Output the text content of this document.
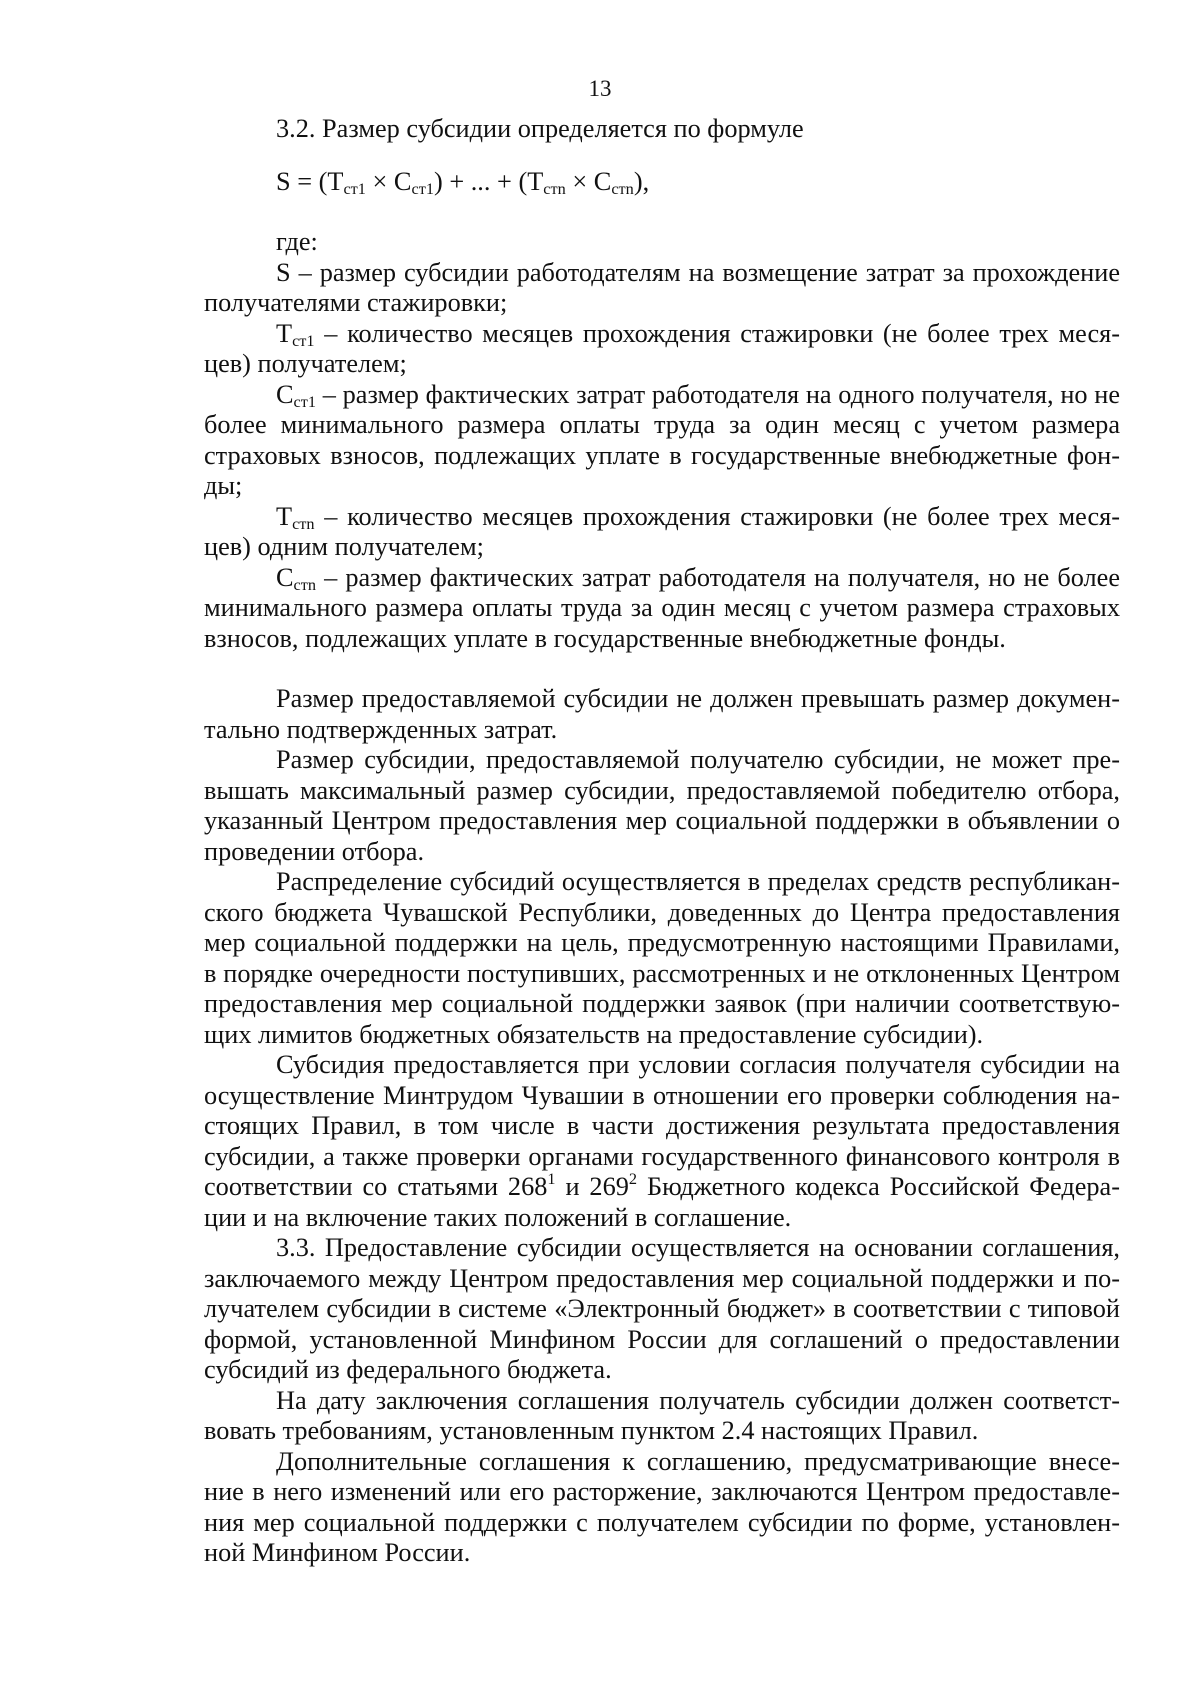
13

3.2. Размер субсидии определяется по формуле

$S = (T_{ст1} \times C_{ст1})$ + ... + $(T_{стn} \times C_{стn})$,

где:

S – размер субсидии работодателям на возмещение затрат за прохождение получателями стажировки;

$T_{ст1}$ – количество месяцев прохождения стажировки (не более трех месяцев) получателем;

$C_{ст1}$ – размер фактических затрат работодателя на одного получателя, но не более минимального размера оплаты труда за один месяц с учетом размера страховых взносов, подлежащих уплате в государственные внебюджетные фонды;

$T_{стn}$ – количество месяцев прохождения стажировки (не более трех месяцев) одним получателем;

$C_{стn}$ – размер фактических затрат работодателя на получателя, но не более минимального размера оплаты труда за один месяц с учетом размера страховых взносов, подлежащих уплате в государственные внебюджетные фонды.

Размер предоставляемой субсидии не должен превышать размер документально подтвержденных затрат.

Размер субсидии, предоставляемой получателю субсидии, не может превышать максимальный размер субсидии, предоставляемой победителю отбора, указанный Центром предоставления мер социальной поддержки в объявлении о проведении отбора.

Распределение субсидий осуществляется в пределах средств республиканского бюджета Чувашской Республики, доведенных до Центра предоставления мер социальной поддержки на цель, предусмотренную настоящими Правилами, в порядке очередности поступивших, рассмотренных и не отклоненных Центром предоставления мер социальной поддержки заявок (при наличии соответствующих лимитов бюджетных обязательств на предоставление субсидии).

Субсидия предоставляется при условии согласия получателя субсидии на осуществление Минтрудом Чувашии в отношении его проверки соблюдения настоящих Правил, в том числе в части достижения результата предоставления субсидии, а также проверки органами государственного финансового контроля в соответствии со статьями $268^1$ и $269^2$ Бюджетного кодекса Российской Федерации и на включение таких положений в соглашение.

3.3. Предоставление субсидии осуществляется на основании соглашения, заключаемого между Центром предоставления мер социальной поддержки и получателем субсидии в системе «Электронный бюджет» в соответствии с типовой формой, установленной Минфином России для соглашений о предоставлении субсидий из федерального бюджета.

На дату заключения соглашения получатель субсидии должен соответствовать требованиям, установленным пунктом 2.4 настоящих Правил.

Дополнительные соглашения к соглашению, предусматривающие внесение в него изменений или его расторжение, заключаются Центром предоставления мер социальной поддержки с получателем субсидии по форме, установленной Минфином России.
